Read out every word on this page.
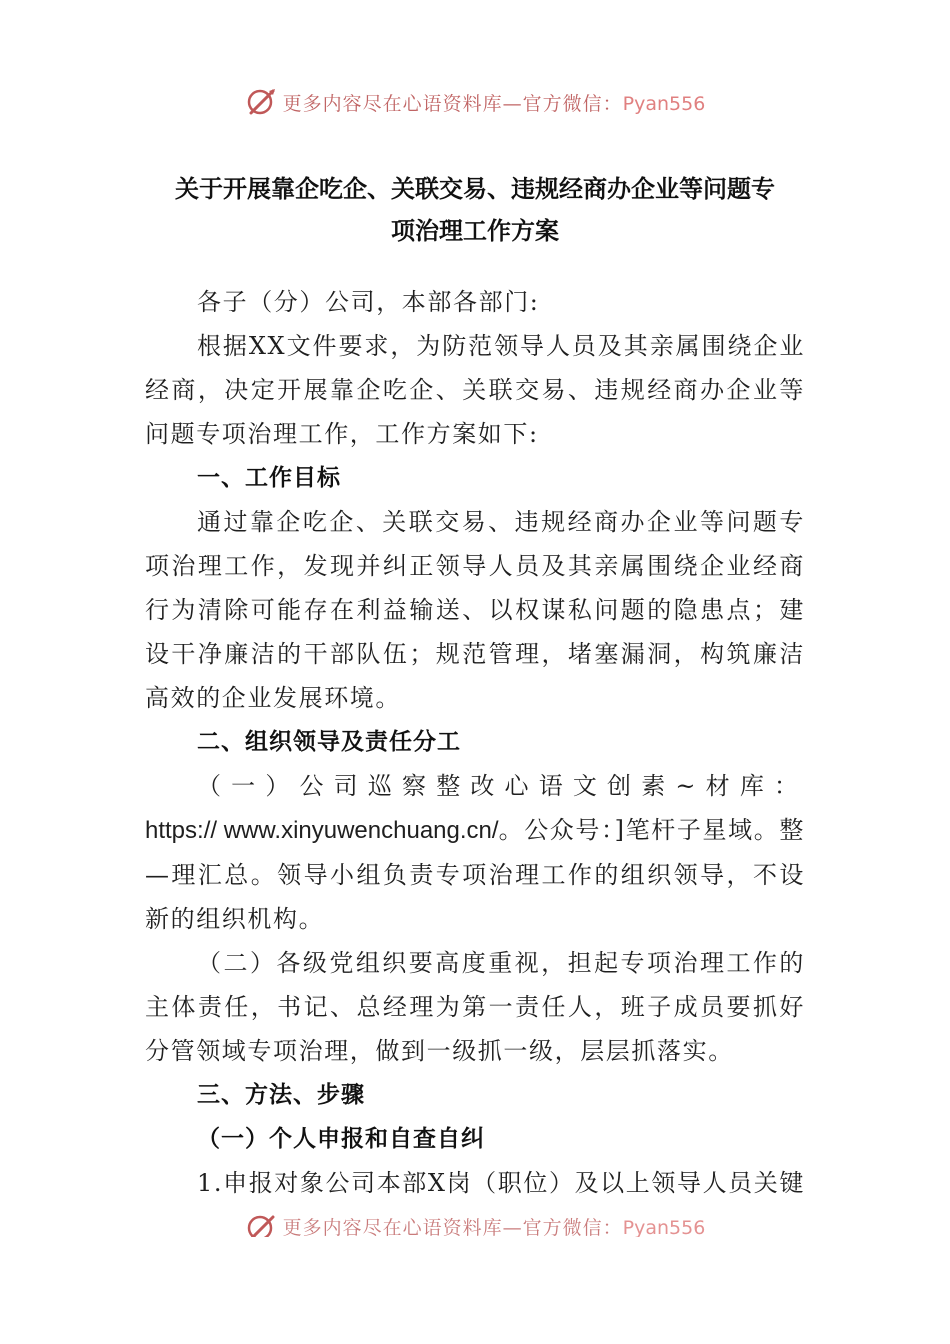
更多内容尽在心语资料库—官方微信：Pyan556
关于开展靠企吃企、关联交易、违规经商办企业等问题专
项治理工作方案

各子（分）公司，本部各部门:

根据XX文件要求，为防范领导人员及其亲属围绕企业经商，决定开展靠企吃企、关联交易、违规经商办企业等问题专项治理工作，工作方案如下:

一、工作目标

通过靠企吃企、关联交易、违规经商办企业等问题专项治理工作，发现并纠正领导人员及其亲属围绕企业经商行为清除可能存在利益输送、以权谋私问题的隐患点；建设干净廉洁的干部队伍；规范管理，堵塞漏洞，构筑廉洁高效的企业发展环境。

二、组织领导及责任分工

（一）公司巡察整改心语文创素~材库：https:// www.xinyuwenchuang.cn/。公众号：]笔杆子星域。整—理汇总。领导小组负责专项治理工作的组织领导，不设新的组织机构。

（二）各级党组织要高度重视，担起专项治理工作的主体责任，书记、总经理为第一责任人，班子成员要抓好分管领域专项治理，做到一级抓一级，层层抓落实。

三、方法、步骤

（一）个人申报和自查自纠

1.申报对象公司本部X岗（职位）及以上领导人员关键

更多内容尽在心语资料库—官方微信：Pyan556
